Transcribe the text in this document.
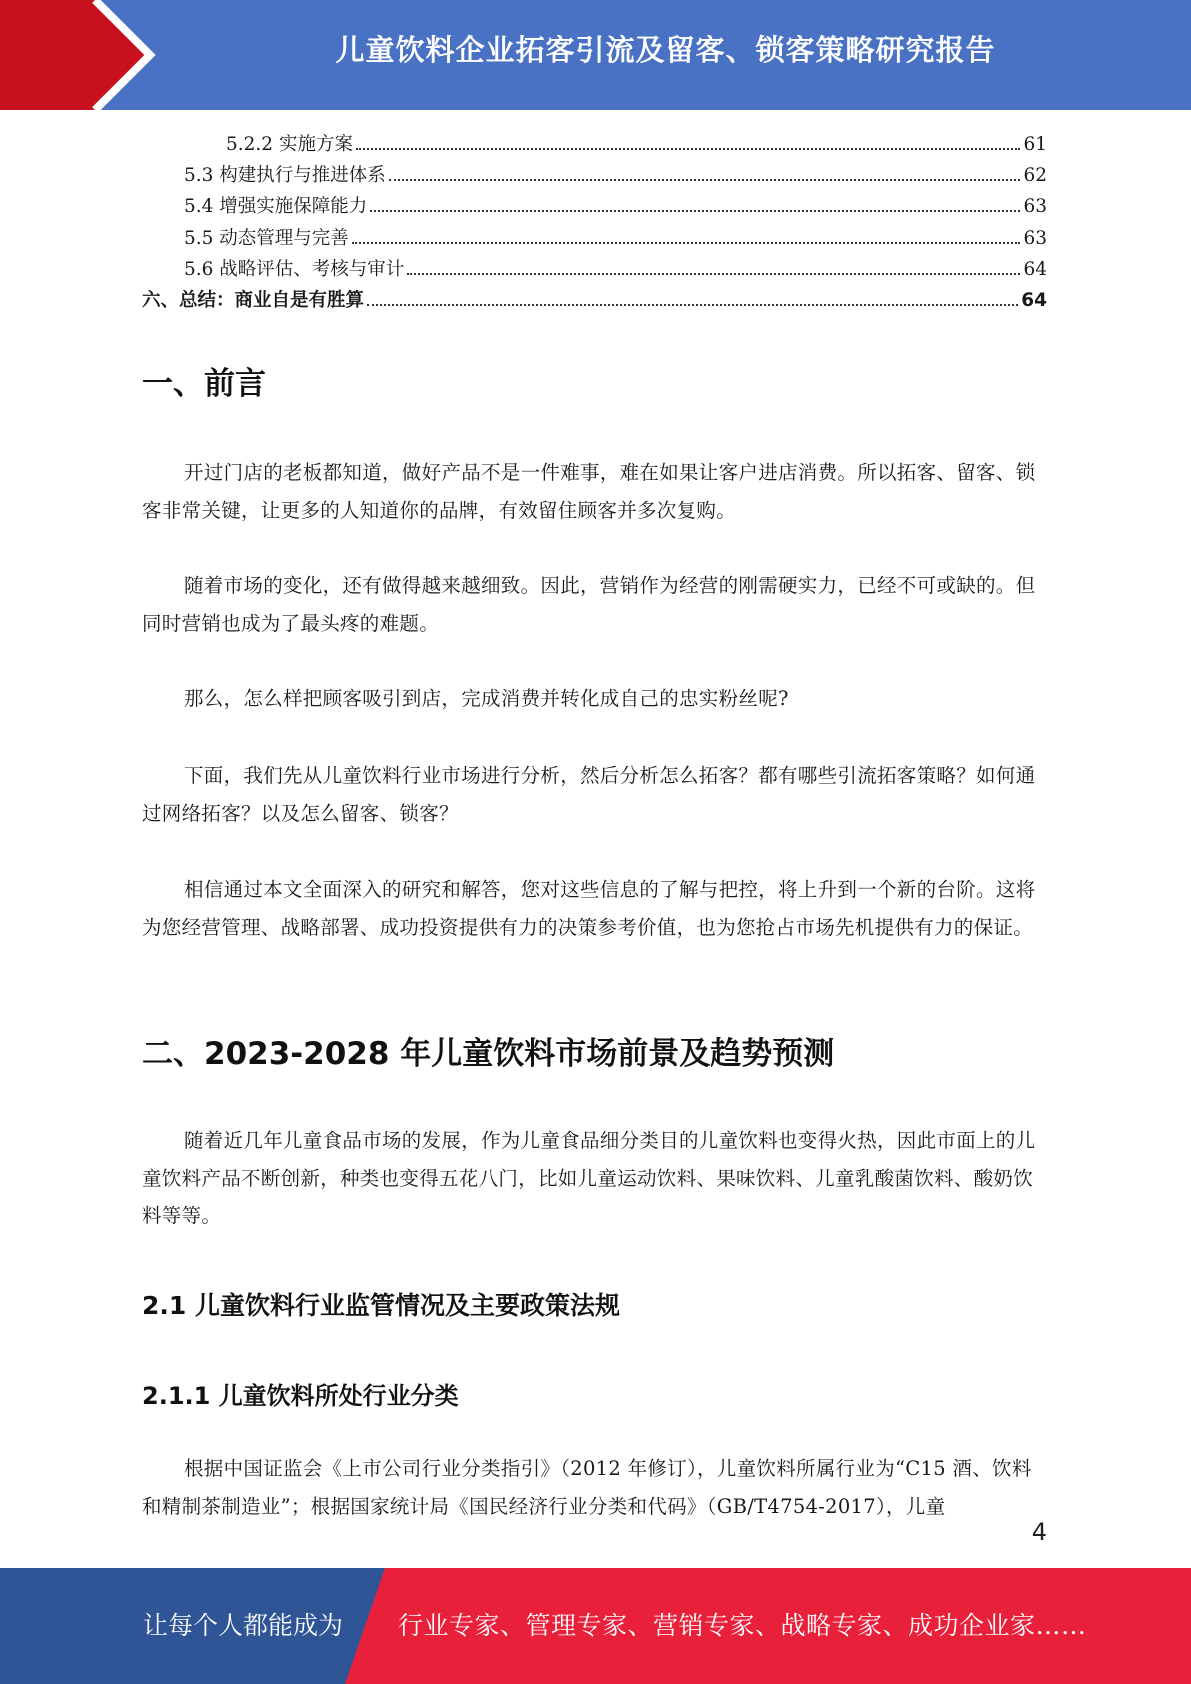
儿童饮料企业拓客引流及留客、锁客策略研究报告
5.2.2 实施方案	61
5.3 构建执行与推进体系	62
5.4 增强实施保障能力	63
5.5 动态管理与完善	63
5.6 战略评估、考核与审计	64
六、总结：商业自是有胜算	64
一、前言

开过门店的老板都知道，做好产品不是一件难事，难在如果让客户进店消费。所以拓客、留客、锁客非常关键，让更多的人知道你的品牌，有效留住顾客并多次复购。

随着市场的变化，还有做得越来越细致。因此，营销作为经营的刚需硬实力，已经不可或缺的。但同时营销也成为了最头疼的难题。

那么，怎么样把顾客吸引到店，完成消费并转化成自己的忠实粉丝呢?

下面，我们先从儿童饮料行业市场进行分析，然后分析怎么拓客？都有哪些引流拓客策略？如何通过网络拓客？以及怎么留客、锁客？

相信通过本文全面深入的研究和解答，您对这些信息的了解与把控，将上升到一个新的台阶。这将为您经营管理、战略部署、成功投资提供有力的决策参考价值，也为您抢占市场先机提供有力的保证。

二、2023-2028 年儿童饮料市场前景及趋势预测

随着近几年儿童食品市场的发展，作为儿童食品细分类目的儿童饮料也变得火热，因此市面上的儿童饮料产品不断创新，种类也变得五花八门，比如儿童运动饮料、果味饮料、儿童乳酸菌饮料、酸奶饮料等等。

2.1 儿童饮料行业监管情况及主要政策法规
2.1.1 儿童饮料所处行业分类

根据中国证监会《上市公司行业分类指引》（2012 年修订），儿童饮料所属行业为“C15 酒、饮料和精制茶制造业”；根据国家统计局《国民经济行业分类和代码》（GB/T4754-2017），儿童

4
让每个人都能成为 行业专家、管理专家、营销专家、战略专家、成功企业家……
